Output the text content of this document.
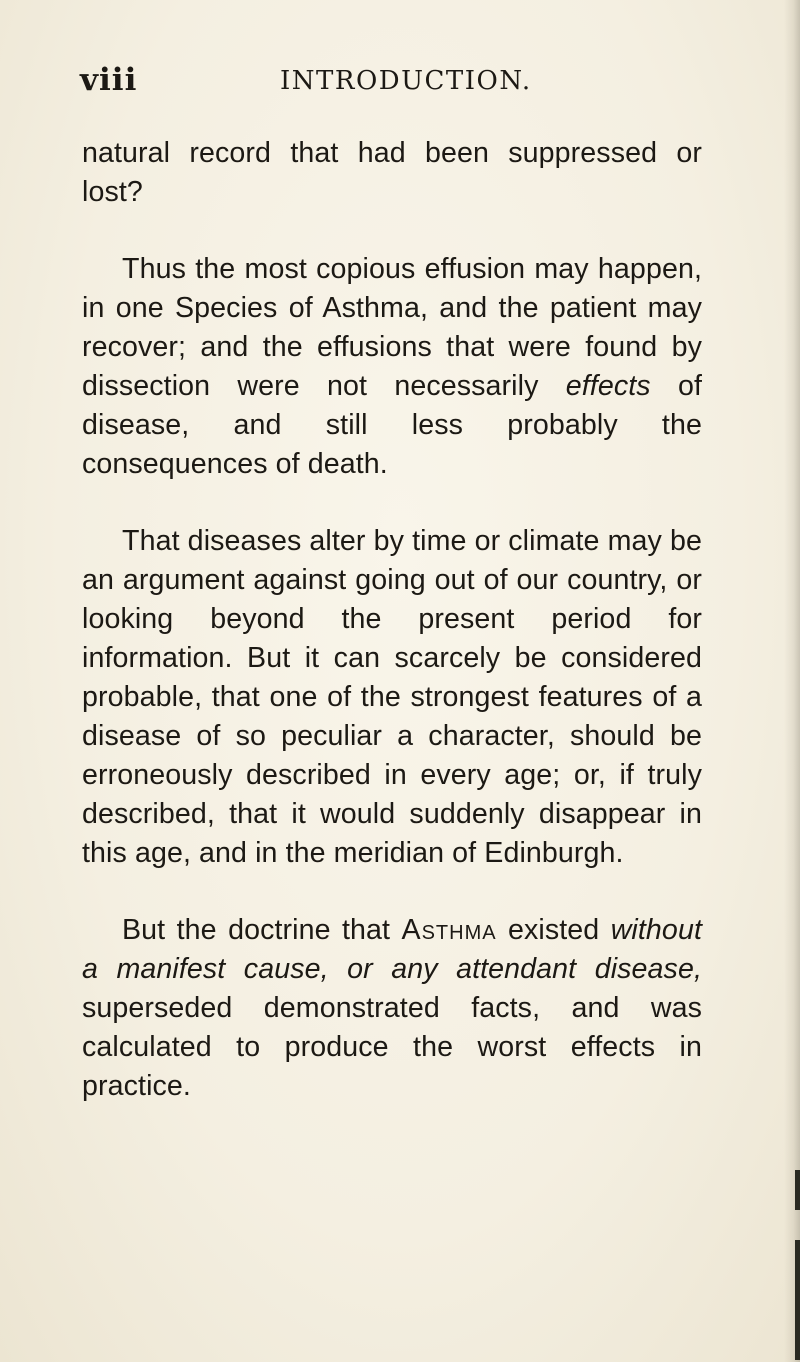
viii	INTRODUCTION.

natural record that had been suppressed or lost?

Thus the most copious effusion may happen, in one Species of Asthma, and the patient may recover; and the effusions that were found by dissection were not necessarily effects of disease, and still less probably the consequences of death.

That diseases alter by time or climate may be an argument against going out of our country, or looking beyond the present period for information. But it can scarcely be considered probable, that one of the strongest features of a disease of so peculiar a character, should be erroneously described in every age; or, if truly described, that it would suddenly disappear in this age, and in the meridian of Edinburgh.

But the doctrine that Asthma existed without a manifest cause, or any attendant disease, superseded demonstrated facts, and was calculated to produce the worst effects in practice.
